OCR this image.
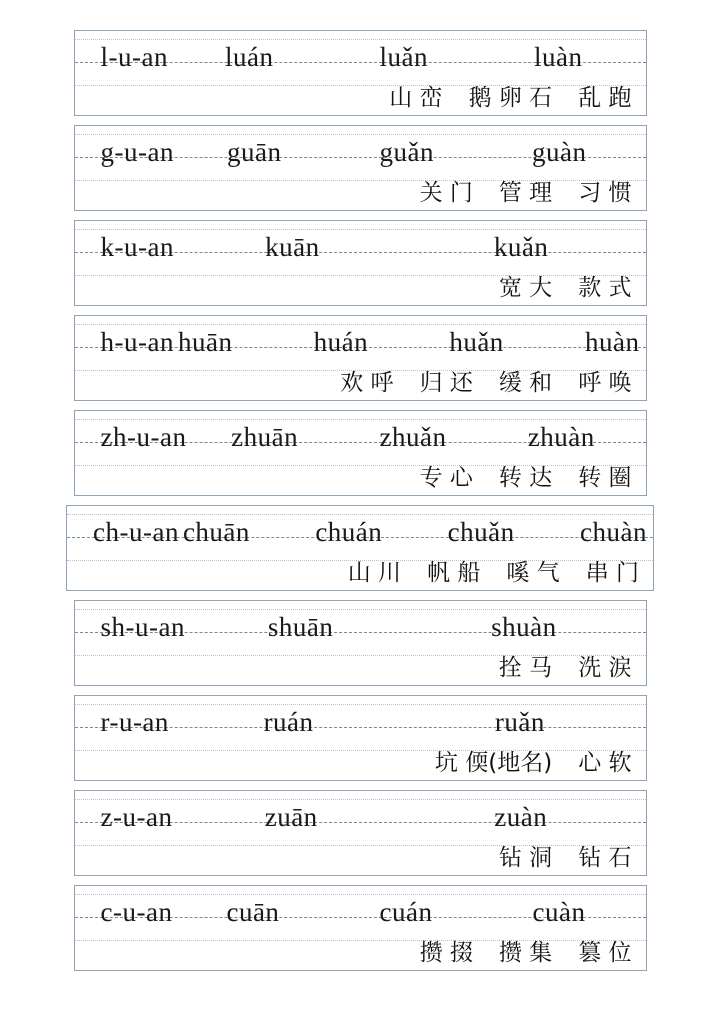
l-u-an luán	luǎn	luàn
山 峦 鹅 卵 石 乱 跑
g-u-an guān	guǎn	guàn
关 门 管 理 习 惯
k-u-an	kuān	kuǎn
宽 大 款 式
h-u-an huān	huán	huǎn	huàn
欢 呼 归 还 缓 和 呼 唤
zh-u-an zhuān	zhuǎn	zhuàn
专 心 转 达 转 圈
ch-u-an chuān chuán chuǎn chuàn
山 川 帆 船 嗘 气 串 门
sh-u-an	shuān	shuàn
拴 马 洗 涙
r-u-an	ruán	ruǎn
坑 偄(地名) 心 软
z-u-an	zuān	zuàn
钻 洞 钻 石
c-u-an cuān	cuán	cuàn
攒 掇 攒 集 篡 位
